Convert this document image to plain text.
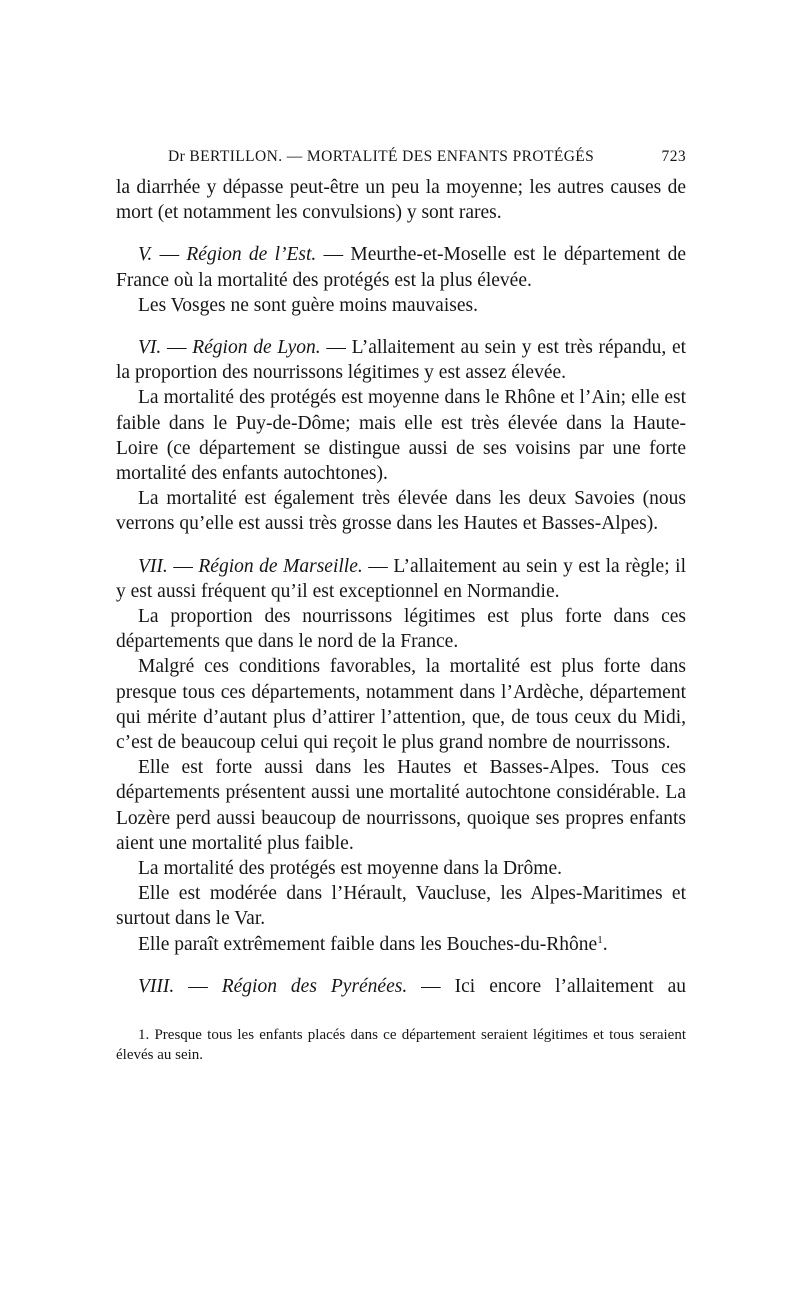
Dr BERTILLON. — MORTALITÉ DES ENFANTS PROTÉGÉS	723

la diarrhée y dépasse peut-être un peu la moyenne; les autres causes de mort (et notamment les convulsions) y sont rares.

V. — Région de l’Est. — Meurthe-et-Moselle est le département de France où la mortalité des protégés est la plus élevée.

Les Vosges ne sont guère moins mauvaises.

VI. — Région de Lyon. — L’allaitement au sein y est très répandu, et la proportion des nourrissons légitimes y est assez élevée.

La mortalité des protégés est moyenne dans le Rhône et l’Ain; elle est faible dans le Puy-de-Dôme; mais elle est très élevée dans la Haute-Loire (ce département se distingue aussi de ses voisins par une forte mortalité des enfants autochtones).

La mortalité est également très élevée dans les deux Savoies (nous verrons qu’elle est aussi très grosse dans les Hautes et Basses-Alpes).

VII. — Région de Marseille. — L’allaitement au sein y est la règle; il y est aussi fréquent qu’il est exceptionnel en Normandie.

La proportion des nourrissons légitimes est plus forte dans ces départements que dans le nord de la France.

Malgré ces conditions favorables, la mortalité est plus forte dans presque tous ces départements, notamment dans l’Ardèche, département qui mérite d’autant plus d’attirer l’attention, que, de tous ceux du Midi, c’est de beaucoup celui qui reçoit le plus grand nombre de nourrissons.

Elle est forte aussi dans les Hautes et Basses-Alpes. Tous ces départements présentent aussi une mortalité autochtone considérable. La Lozère perd aussi beaucoup de nourrissons, quoique ses propres enfants aient une mortalité plus faible.

La mortalité des protégés est moyenne dans la Drôme.

Elle est modérée dans l’Hérault, Vaucluse, les Alpes-Maritimes et surtout dans le Var.

Elle paraît extrêmement faible dans les Bouches-du-Rhône$^1$.

VIII. — Région des Pyrénées. — Ici encore l’allaitement au

1. Presque tous les enfants placés dans ce département seraient légitimes et tous seraient élevés au sein.
